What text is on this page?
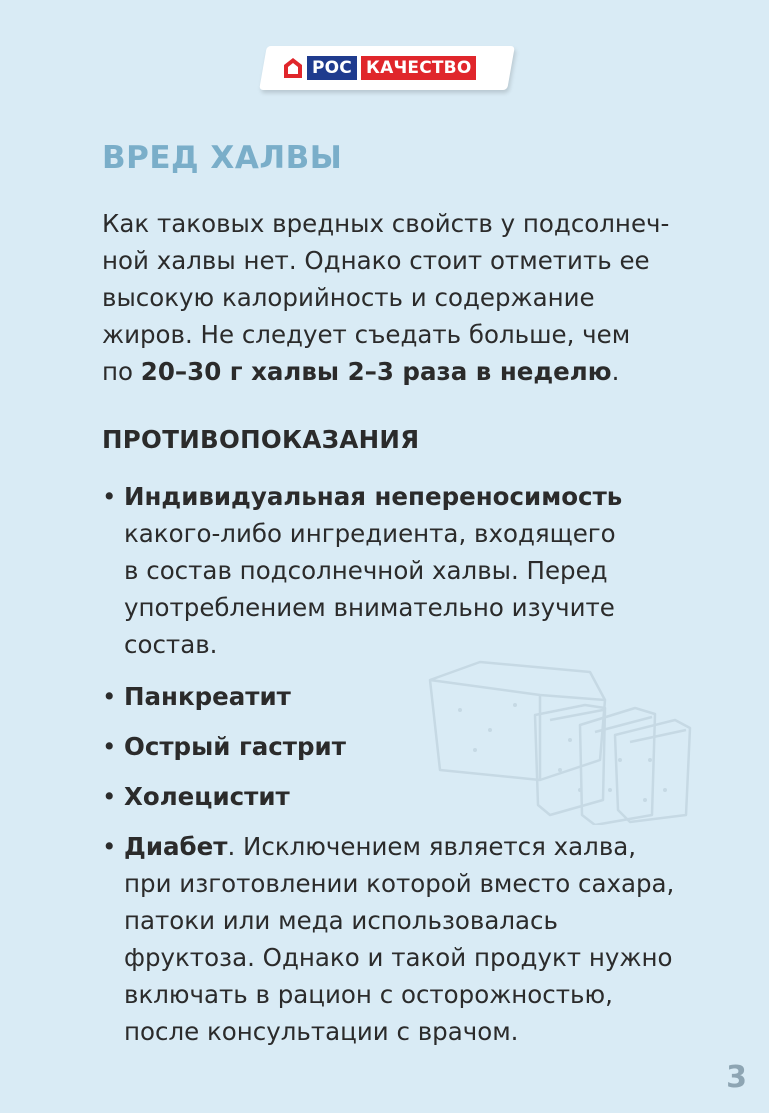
РОС КАЧЕСТВО
ВРЕД ХАЛВЫ

Как таковых вредных свойств у подсолнеч-
ной халвы нет. Однако стоит отметить ее
высокую калорийность и содержание
жиров. Не следует съедать больше, чем
по 20–30 г халвы 2–3 раза в неделю.

ПРОТИВОПОКАЗАНИЯ
• Индивидуальная непереносимость
какого-либо ингредиента, входящего
в состав подсолнечной халвы. Перед
употреблением внимательно изучите
состав.
• Панкреатит
• Острый гастрит
• Холецистит
• Диабет. Исключением является халва,
при изготовлении которой вместо сахара,
патоки или меда использовалась
фруктоза. Однако и такой продукт нужно
включать в рацион с осторожностью,
после консультации с врачом.
3
